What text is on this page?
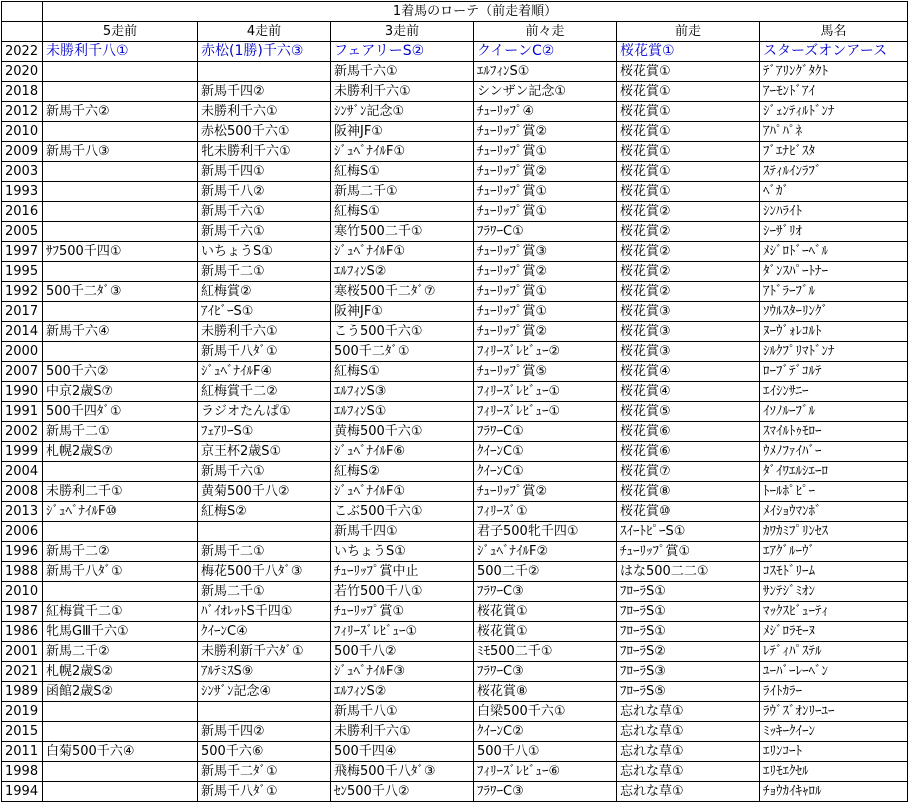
	1着馬のローテ（前走着順）					
	5走前	4走前	3走前	前々走	前走	馬名
2022	未勝利千八①	赤松(1勝)千六③	フェアリーS②	クイーンC②	桜花賞①	スターズオンアース
2020			新馬千六①	ｴﾙﾌｨﾝS①	桜花賞①	ﾃﾞｱﾘﾝｸﾞﾀｸﾄ
2018		新馬千四②	未勝利千六①	シンザン記念①	桜花賞①	ｱｰﾓﾝﾄﾞｱｲ
2012	新馬千六②	未勝利千六①	ｼﾝｻﾞﾝ記念①	ﾁｭｰﾘｯﾌﾟ④	桜花賞①	ｼﾞｪﾝﾃｨﾙﾄﾞﾝﾅ
2010		赤松500千六①	阪神JF①	ﾁｭｰﾘｯﾌﾟ賞②	桜花賞①	ｱﾊﾟﾊﾟﾈ
2009	新馬千八③	牝未勝利千六①	ｼﾞｭﾍﾞﾅｲﾙF①	ﾁｭｰﾘｯﾌﾟ賞①	桜花賞①	ﾌﾞｴﾅﾋﾞｽﾀ
2003		新馬千四①	紅梅S①	ﾁｭｰﾘｯﾌﾟ賞②	桜花賞①	ｽﾃｨﾙｲﾝﾗﾌﾞ
1993		新馬千八②	新馬二千①	ﾁｭｰﾘｯﾌﾟ賞①	桜花賞①	ﾍﾞｶﾞ
2016		新馬千六①	紅梅S①	ﾁｭｰﾘｯﾌﾟ賞①	桜花賞②	ｼﾝﾊﾗｲﾄ
2005		新馬千六①	寒竹500二千①	ﾌﾗﾜｰC①	桜花賞②	ｼｰｻﾞﾘｵ
1997	ｻﾌ500千四①	いちょうS①	ｼﾞｭﾍﾞﾅｲﾙF①	ﾁｭｰﾘｯﾌﾟ賞③	桜花賞②	ﾒｼﾞﾛﾄﾞｰﾍﾞﾙ
1995		新馬千二①	ｴﾙﾌｨﾝS②	ﾁｭｰﾘｯﾌﾟ賞②	桜花賞②	ﾀﾞﾝｽﾊﾟｰﾄﾅｰ
1992	500千二ﾀﾞ③	紅梅賞②	寒桜500千二ﾀﾞ⑦	ﾁｭｰﾘｯﾌﾟ賞①	桜花賞②	ｱﾄﾞﾗｰﾌﾞﾙ
2017		ｱｲﾋﾞｰS①	阪神JF①	ﾁｭｰﾘｯﾌﾟ賞①	桜花賞③	ｿｳﾙｽﾀｰﾘﾝｸﾞ
2014	新馬千六④	未勝利千六①	こう500千六①	ﾁｭｰﾘｯﾌﾟ賞②	桜花賞③	ﾇｰｳﾞｫﾚｺﾙﾄ
2000		新馬千八ﾀﾞ①	500千二ﾀﾞ①	ﾌｨﾘｰｽﾞﾚﾋﾞｭｰ②	桜花賞③	ｼﾙｸﾌﾟﾘﾏﾄﾞﾝﾅ
2007	500千六②	ｼﾞｭﾍﾞﾅｲﾙF④	紅梅S①	ﾁｭｰﾘｯﾌﾟ賞⑤	桜花賞④	ﾛｰﾌﾞﾃﾞｺﾙﾃ
1990	中京2歳S⑦	紅梅賞千二②	ｴﾙﾌｨﾝS③	ﾌｨﾘｰｽﾞﾚﾋﾞｭｰ①	桜花賞④	ｴｲｼﾝｻﾆｰ
1991	500千四ﾀﾞ①	ラジオたんぱ①	ｴﾙﾌｨﾝS①	ﾌｨﾘｰｽﾞﾚﾋﾞｭｰ①	桜花賞⑤	ｲｿﾉﾙｰﾌﾞﾙ
2002	新馬千二①	ﾌｪｱﾘｰS①	黄梅500千六①	ﾌﾗﾜｰC①	桜花賞⑥	ｽﾏｲﾙﾄｩﾓﾛｰ
1999	札幌2歳S⑦	京王杯2歳S①	ｼﾞｭﾍﾞﾅｲﾙF⑥	ｸｲｰﾝC①	桜花賞⑥	ｳﾒﾉﾌｧｲﾊﾞｰ
2004		新馬千六①	紅梅S②	ｸｲｰﾝC①	桜花賞⑦	ﾀﾞｲﾜｴﾙｼｴｰﾛ
2008	未勝利二千①	黄菊500千八②	ｼﾞｭﾍﾞﾅｲﾙF①	ﾁｭｰﾘｯﾌﾟ賞②	桜花賞⑧	ﾄｰﾙﾎﾟﾋﾟｰ
2013	ｼﾞｭﾍﾞﾅｲﾙF⑩	紅梅S②	こぶ500千六①	ﾌｨﾘｰｽﾞ①	桜花賞⑩	ﾒｲｼｮｳﾏﾝﾎﾞ
2006			新馬千四①	君子500牝千四①	ｽｲｰﾄﾋﾟｰS①	ｶﾜｶﾐﾌﾟﾘﾝｾｽ
1996	新馬千二②	新馬千二①	いちょうS①	ｼﾞｭﾍﾞﾅｲﾙF②	ﾁｭｰﾘｯﾌﾟ賞①	ｴｱｸﾞﾙｰｳﾞ
1988	新馬千八ﾀﾞ①	梅花500千八ﾀﾞ③	ﾁｭｰﾘｯﾌﾟ賞中止	500二千②	はな500二二①	ｺｽﾓﾄﾞﾘｰﾑ
2010		新馬二千①	若竹500千八①	ﾌﾗﾜｰC③	ﾌﾛｰﾗS①	ｻﾝﾃｼﾞﾐｵﾝ
1987	紅梅賞千二①	ﾊﾞｲｵﾚｯﾄS千四①	ﾁｭｰﾘｯﾌﾟ賞①	桜花賞①	ﾌﾛｰﾗS①	ﾏｯｸｽﾋﾞｭｰﾃｨ
1986	牝馬GⅢ千六①	ｸｲｰﾝC④	ﾌｨﾘｰｽﾞﾚﾋﾞｭｰ①	桜花賞①	ﾌﾛｰﾗS①	ﾒｼﾞﾛﾗﾓｰﾇ
2001	新馬二千②	未勝利新千六ﾀﾞ①	500千八②	ﾐﾓ500二千①	ﾌﾛｰﾗS②	ﾚﾃﾞｨﾊﾟｽﾃﾙ
2021	札幌2歳S②	ｱﾙﾃﾐｽS⑨	ｼﾞｭﾍﾞﾅｲﾙF③	ﾌﾗﾜｰC③	ﾌﾛｰﾗS③	ﾕｰﾊﾞｰﾚｰﾍﾞﾝ
1989	函館2歳S②	ｼﾝｻﾞﾝ記念④	ｴﾙﾌｨﾝS②	桜花賞⑧	ﾌﾛｰﾗS⑤	ﾗｲﾄｶﾗｰ
2019			新馬千八①	白梁500千六①	忘れな草①	ﾗｳﾞｽﾞｵﾝﾘｰﾕｰ
2015		新馬千四②	未勝利千六①	ｸｲｰﾝC②	忘れな草①	ﾐｯｷｰｸｲｰﾝ
2011	白菊500千六④	500千六⑥	500千四④	500千八①	忘れな草①	ｴﾘﾝｺｰﾄ
1998		新馬千二ﾀﾞ①	飛梅500千八ﾀﾞ③	ﾌｨﾘｰｽﾞﾚﾋﾞｭｰ⑥	忘れな草①	ｴﾘﾓｴｸｾﾙ
1994		新馬千八ﾀﾞ①	ｾﾝ500千八②	ﾌﾗﾜｰC③	忘れな草①	ﾁｮｳｶｲｷｬﾛﾙ
